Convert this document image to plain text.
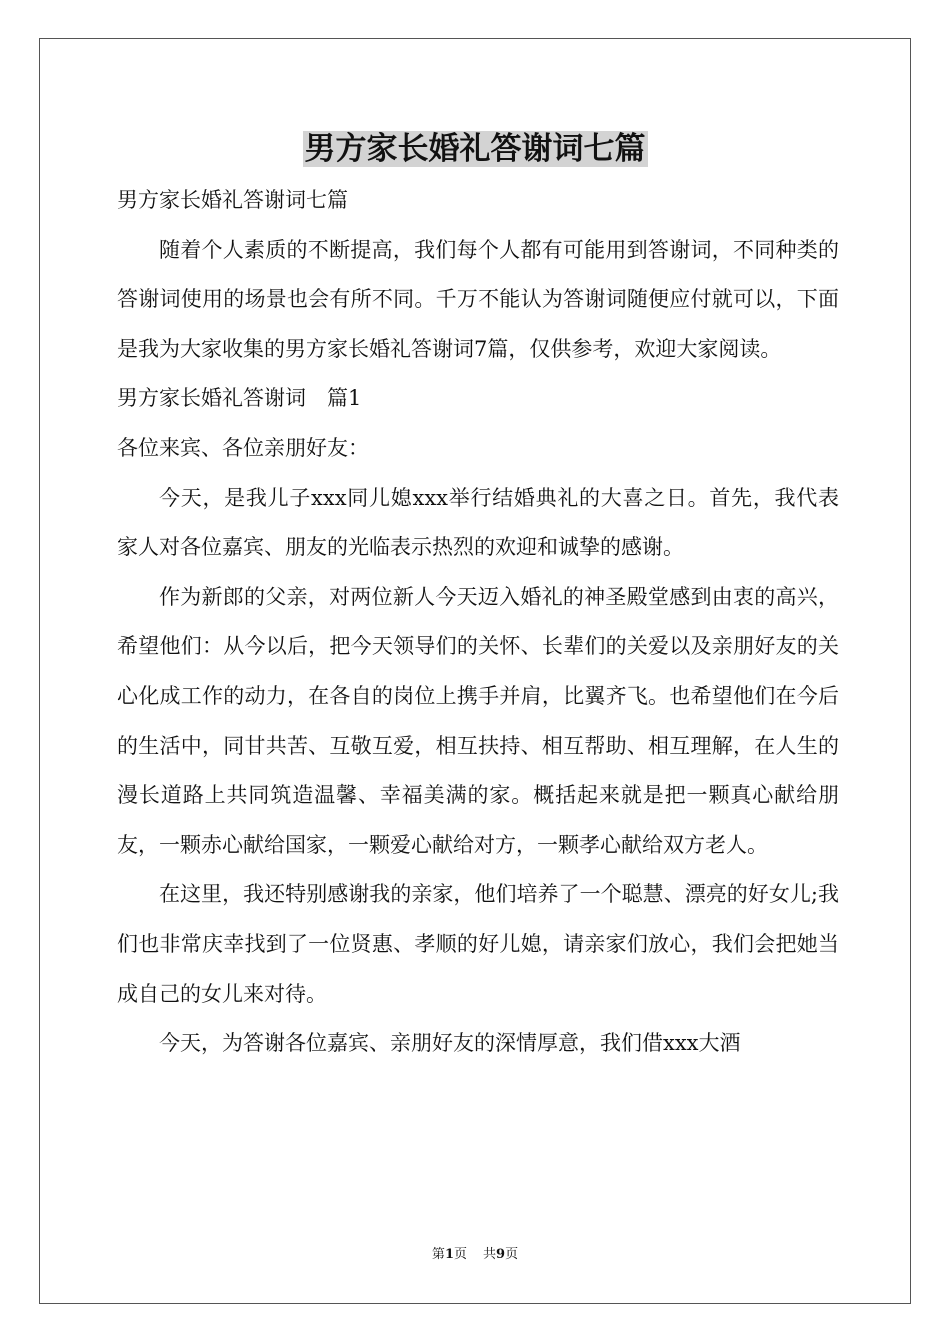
男方家长婚礼答谢词七篇

男方家长婚礼答谢词七篇

随着个人素质的不断提高，我们每个人都有可能用到答谢词，不同种类的答谢词使用的场景也会有所不同。千万不能认为答谢词随便应付就可以，下面是我为大家收集的男方家长婚礼答谢词7篇，仅供参考，欢迎大家阅读。

男方家长婚礼答谢词　篇1

各位来宾、各位亲朋好友：

今天，是我儿子xxx同儿媳xxx举行结婚典礼的大喜之日。首先，我代表家人对各位嘉宾、朋友的光临表示热烈的欢迎和诚挚的感谢。

作为新郎的父亲，对两位新人今天迈入婚礼的神圣殿堂感到由衷的高兴，希望他们：从今以后，把今天领导们的关怀、长辈们的关爱以及亲朋好友的关心化成工作的动力，在各自的岗位上携手并肩，比翼齐飞。也希望他们在今后的生活中，同甘共苦、互敬互爱，相互扶持、相互帮助、相互理解，在人生的漫长道路上共同筑造温馨、幸福美满的家。概括起来就是把一颗真心献给朋友，一颗赤心献给国家，一颗爱心献给对方，一颗孝心献给双方老人。

在这里，我还特别感谢我的亲家，他们培养了一个聪慧、漂亮的好女儿;我们也非常庆幸找到了一位贤惠、孝顺的好儿媳，请亲家们放心，我们会把她当成自己的女儿来对待。

今天，为答谢各位嘉宾、亲朋好友的深情厚意，我们借xxx大酒

第1页 共9页
